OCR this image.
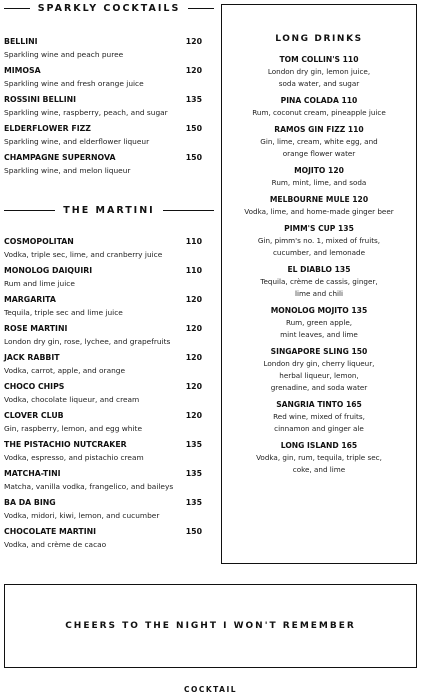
SPARKLY COCKTAILS
BELLINI	120
Sparkling wine and peach puree
MIMOSA	120
Sparkling wine and fresh orange juice
ROSSINI BELLINI	135
Sparkling wine, raspberry, peach, and sugar
ELDERFLOWER FIZZ	150
Sparkling wine, and elderflower liqueur
CHAMPAGNE SUPERNOVA	150
Sparkling wine, and melon liqueur
THE MARTINI
COSMOPOLITAN	110
Vodka, triple sec, lime, and cranberry juice
MONOLOG DAIQUIRI	110
Rum and lime juice
MARGARITA	120
Tequila, triple sec and lime juice
ROSE MARTINI	120
London dry gin, rose, lychee, and grapefruits
JACK RABBIT	120
Vodka, carrot, apple, and orange
CHOCO CHIPS	120
Vodka, chocolate liqueur, and cream
CLOVER CLUB	120
Gin, raspberry, lemon, and egg white
THE PISTACHIO NUTCRAKER	135
Vodka, espresso, and pistachio cream
MATCHA-TINI	135
Matcha, vanilla vodka, frangelico, and baileys
BA DA BING	135
Vodka, midori, kiwi, lemon, and cucumber
CHOCOLATE MARTINI	150
Vodka, and crème de cacao
LONG DRINKS
TOM COLLIN'S 110
London dry gin, lemon juice,
soda water, and sugar
PINA COLADA 110
Rum, coconut cream, pineapple juice
RAMOS GIN FIZZ 110
Gin, lime, cream, white egg, and
orange flower water
MOJITO 120
Rum, mint, lime, and soda
MELBOURNE MULE 120
Vodka, lime, and home-made ginger beer
PIMM'S CUP 135
Gin, pimm's no. 1, mixed of fruits,
cucumber, and lemonade
EL DIABLO 135
Tequila, crème de cassis, ginger,
lime and chili
MONOLOG MOJITO 135
Rum, green apple,
mint leaves, and lime
SINGAPORE SLING 150
London dry gin, cherry liqueur,
herbal liqueur, lemon,
grenadine, and soda water
SANGRIA TINTO 165
Red wine, mixed of fruits,
cinnamon and ginger ale
LONG ISLAND 165
Vodka, gin, rum, tequila, triple sec,
coke, and lime
CHEERS TO THE NIGHT I WON'T REMEMBER
COCKTAIL
